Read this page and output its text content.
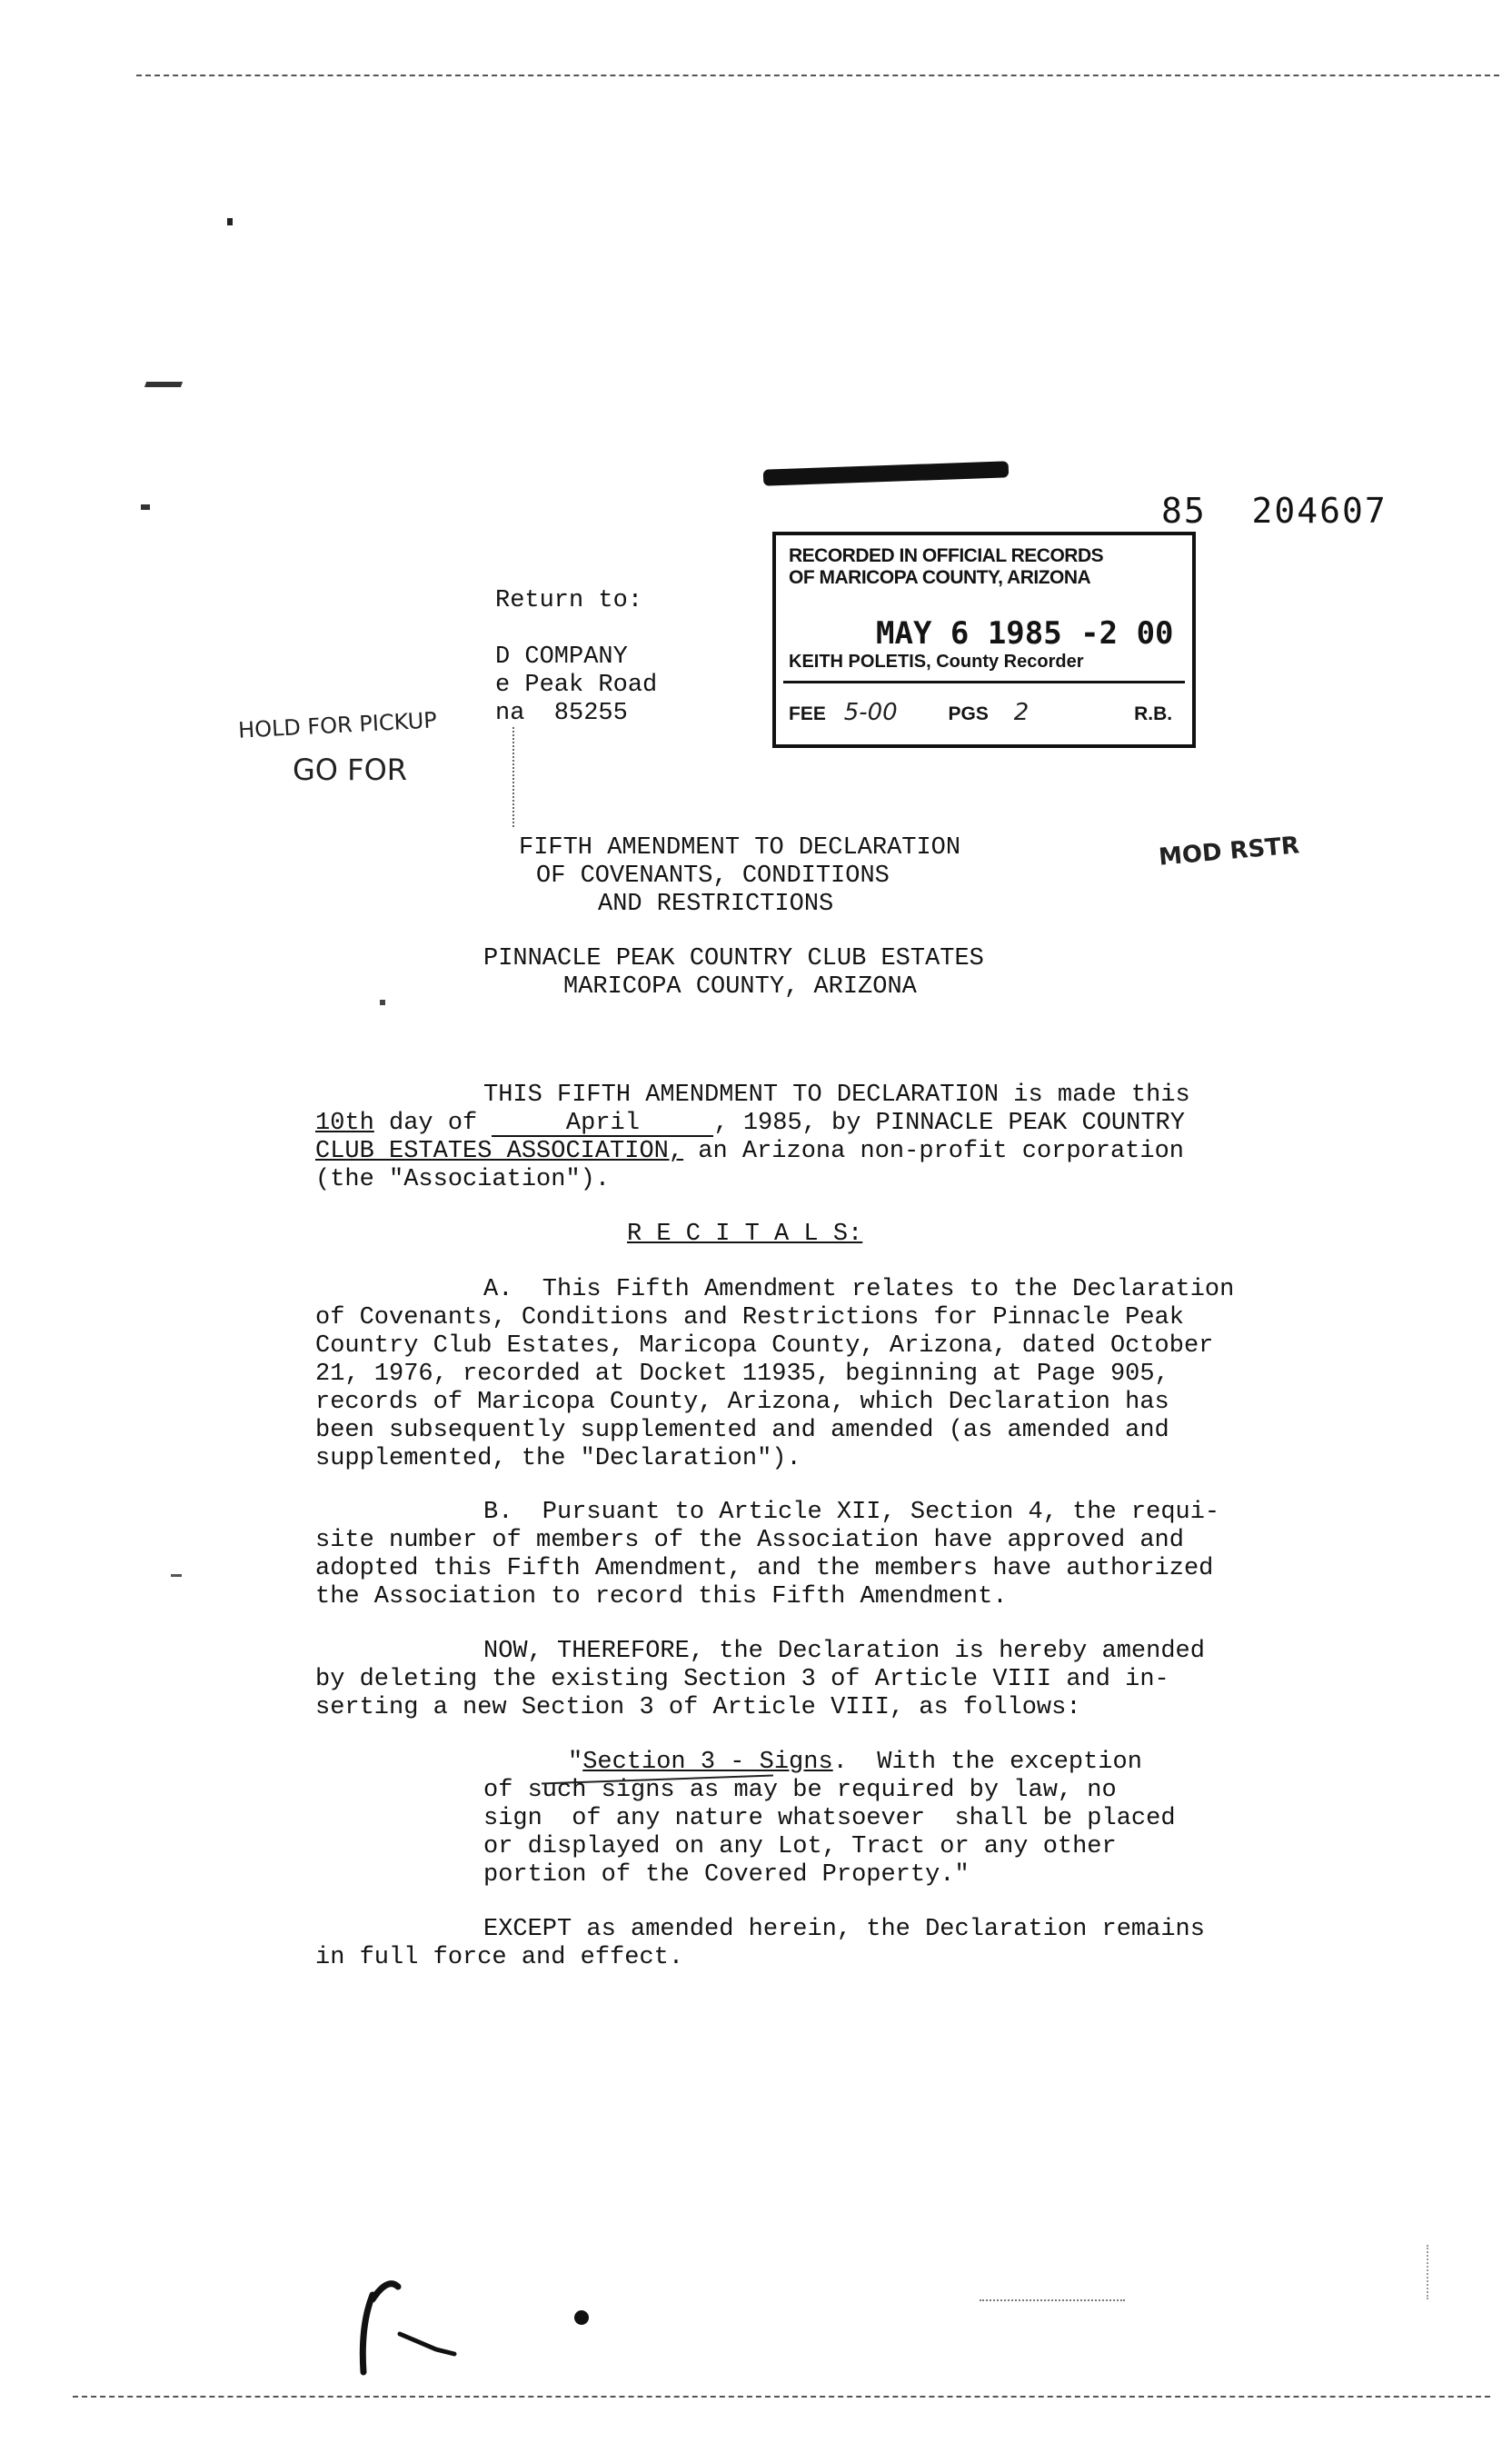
85  204607
RECORDED IN OFFICIAL RECORDS
OF MARICOPA COUNTY, ARIZONA
MAY 6 1985 -2 00
KEITH POLETIS, County Recorder
FEE 5-00	PGS 2	R.B.
Return to:
D COMPANY
e Peak Road
na  85255
HOLD FOR PICKUP
GO FOR
MOD RSTR
FIFTH AMENDMENT TO DECLARATION
OF COVENANTS, CONDITIONS
AND RESTRICTIONS
PINNACLE PEAK COUNTRY CLUB ESTATES
MARICOPA COUNTY, ARIZONA
THIS FIFTH AMENDMENT TO DECLARATION is made this
10th day of	April	, 1985, by PINNACLE PEAK COUNTRY
CLUB ESTATES ASSOCIATION, an Arizona non-profit corporation
(the "Association").
R E C I T A L S:
A.  This Fifth Amendment relates to the Declaration
of Covenants, Conditions and Restrictions for Pinnacle Peak
Country Club Estates, Maricopa County, Arizona, dated October
21, 1976, recorded at Docket 11935, beginning at Page 905,
records of Maricopa County, Arizona, which Declaration has
been subsequently supplemented and amended (as amended and
supplemented, the "Declaration").
B.  Pursuant to Article XII, Section 4, the requi-
site number of members of the Association have approved and
adopted this Fifth Amendment, and the members have authorized
the Association to record this Fifth Amendment.
NOW, THEREFORE, the Declaration is hereby amended
by deleting the existing Section 3 of Article VIII and in-
serting a new Section 3 of Article VIII, as follows:
"Section 3 - Signs.  With the exception
of such signs as may be required by law, no
sign  of any nature whatsoever  shall be placed
or displayed on any Lot, Tract or any other
portion of the Covered Property."
EXCEPT as amended herein, the Declaration remains
in full force and effect.
